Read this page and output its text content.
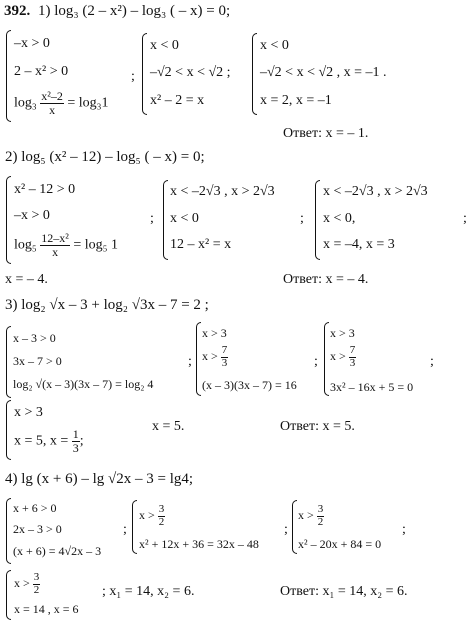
392. 1) log₃ (2 – x²) – log₃ ( – x) = 0;
–x > 0
2 – x² > 0
$\log_3 \frac{\text{x²–2}}{x} = \log_31$
;
x < 0
–√2 < x < √2 ;
x² – 2 = x
x < 0
–√2 < x < √2 , x = –1 .
x = 2, x = –1
Ответ: x = – 1.
2) log₅ (x² – 12) – log₅ ( – x) = 0;
x² – 12 > 0
–x > 0
$\log_5 \frac{\text{12–x²}}{x} = \log_5$ 1
;
x < –2√3 , x > 2√3
x < 0
12 – x² = x
;
x < –2√3 , x > 2√3
x < 0,
x = –4, x = 3
;
x = – 4.	Ответ: x = – 4.
3) log₂ √x – 3 + log₂ √3x – 7 = 2 ;
x – 3 > 0
3x – 7 > 0
log₂ √(x – 3)(3x – 7) = log₂ 4
;
x > 3
$x > \frac{7}{3}$
(x – 3)(3x – 7) = 16
;
x > 3
$x > \frac{7}{3}$
3x² – 16x + 5 = 0
;
x > 3
x = 5, $x = \frac{1}{3}$ ;
x = 5.	Ответ: x = 5.
4) lg (x + 6) – lg √2x – 3 = lg4;
x + 6 > 0
2x – 3 > 0
(x + 6) = 4√2x – 3
;
$x > \frac{3}{2}$
x² + 12x + 36 = 32x – 48
;
$x > \frac{3}{2}$
x² – 20x + 84 = 0
;
$x > \frac{3}{2}$
x = 14 , x = 6
; x₁ = 14, x₂ = 6.	Ответ: x₁ = 14, x₂ = 6.
